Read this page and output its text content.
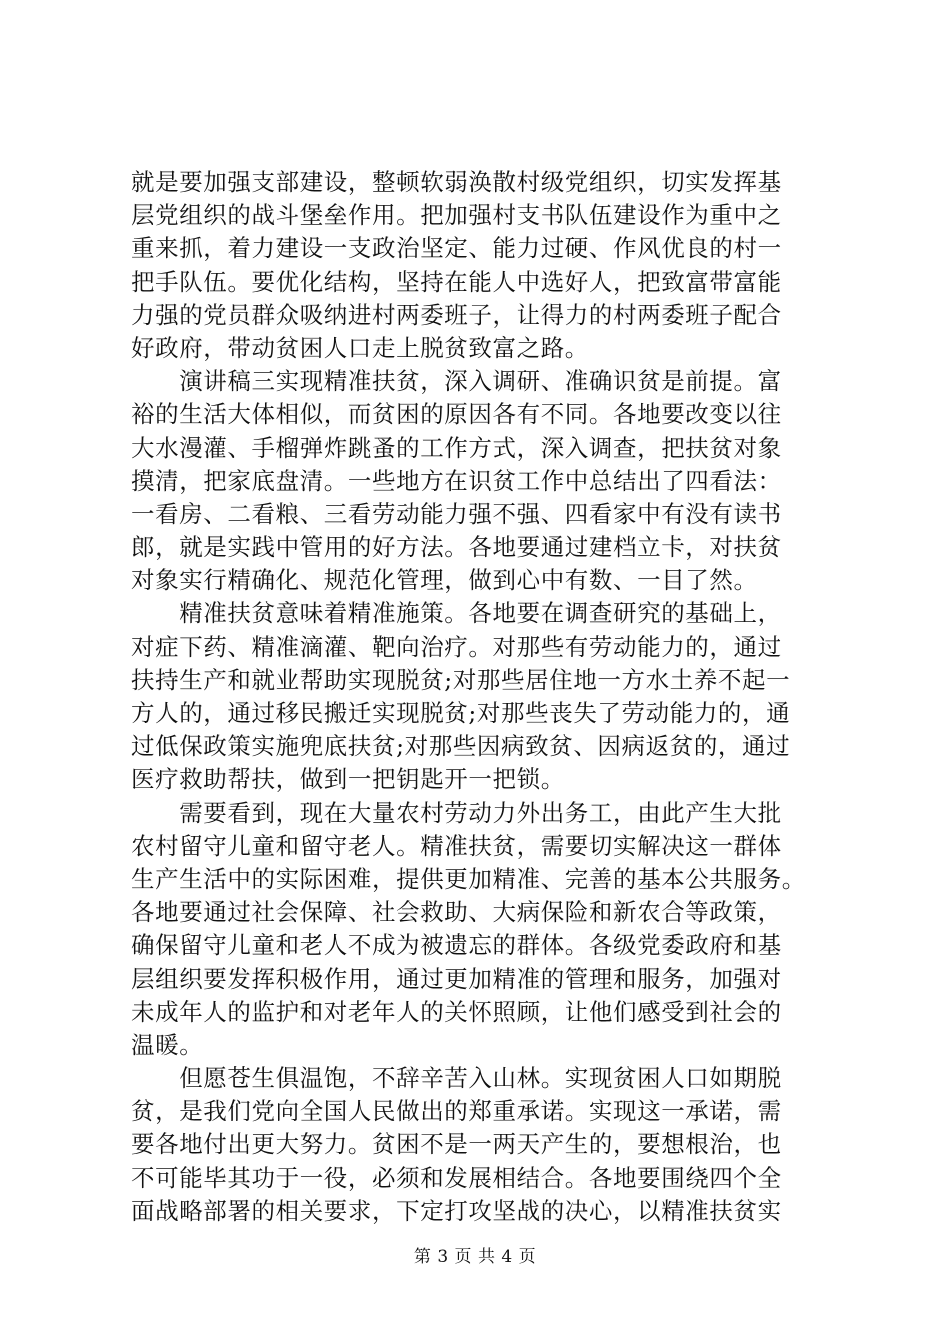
就是要加强支部建设，整顿软弱涣散村级党组织，切实发挥基
层党组织的战斗堡垒作用。把加强村支书队伍建设作为重中之
重来抓，着力建设一支政治坚定、能力过硬、作风优良的村一
把手队伍。要优化结构，坚持在能人中选好人，把致富带富能
力强的党员群众吸纳进村两委班子，让得力的村两委班子配合
好政府，带动贫困人口走上脱贫致富之路。
　　演讲稿三实现精准扶贫，深入调研、准确识贫是前提。富
裕的生活大体相似，而贫困的原因各有不同。各地要改变以往
大水漫灌、手榴弹炸跳蚤的工作方式，深入调查，把扶贫对象
摸清，把家底盘清。一些地方在识贫工作中总结出了四看法：
一看房、二看粮、三看劳动能力强不强、四看家中有没有读书
郎，就是实践中管用的好方法。各地要通过建档立卡，对扶贫
对象实行精确化、规范化管理，做到心中有数、一目了然。
　　精准扶贫意味着精准施策。各地要在调查研究的基础上，
对症下药、精准滴灌、靶向治疗。对那些有劳动能力的，通过
扶持生产和就业帮助实现脱贫;对那些居住地一方水土养不起一
方人的，通过移民搬迁实现脱贫;对那些丧失了劳动能力的，通
过低保政策实施兜底扶贫;对那些因病致贫、因病返贫的，通过
医疗救助帮扶，做到一把钥匙开一把锁。
　　需要看到，现在大量农村劳动力外出务工，由此产生大批
农村留守儿童和留守老人。精准扶贫，需要切实解决这一群体
生产生活中的实际困难，提供更加精准、完善的基本公共服务。
各地要通过社会保障、社会救助、大病保险和新农合等政策，
确保留守儿童和老人不成为被遗忘的群体。各级党委政府和基
层组织要发挥积极作用，通过更加精准的管理和服务，加强对
未成年人的监护和对老年人的关怀照顾，让他们感受到社会的
温暖。
　　但愿苍生俱温饱，不辞辛苦入山林。实现贫困人口如期脱
贫，是我们党向全国人民做出的郑重承诺。实现这一承诺，需
要各地付出更大努力。贫困不是一两天产生的，要想根治，也
不可能毕其功于一役，必须和发展相结合。各地要围绕四个全
面战略部署的相关要求，下定打攻坚战的决心，以精准扶贫实
第 3 页 共 4 页
